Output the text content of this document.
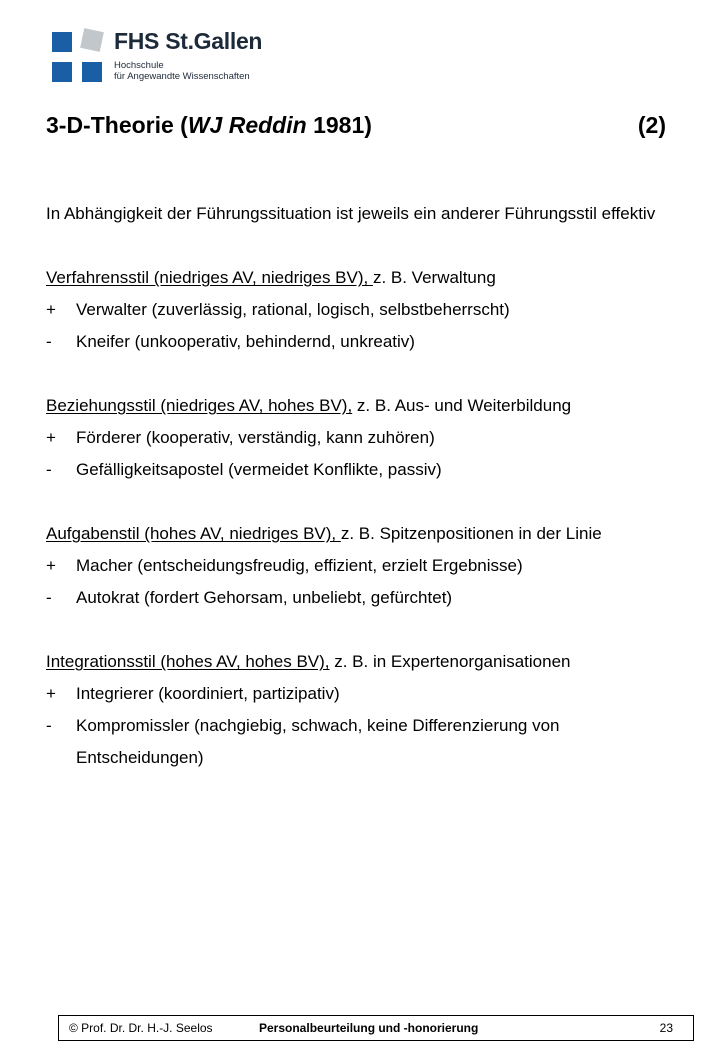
FHS St.Gallen
Hochschule
für Angewandte Wissenschaften
3-D-Theorie (WJ Reddin 1981)	(2)

In Abhängigkeit der Führungssituation ist jeweils ein anderer Führungsstil effektiv

Verfahrensstil (niedriges AV, niedriges BV), z. B. Verwaltung

+	Verwalter (zuverlässig, rational, logisch, selbstbeherrscht)
-	Kneifer (unkooperativ, behindernd, unkreativ)

Beziehungsstil (niedriges AV, hohes BV), z. B. Aus- und Weiterbildung

+	Förderer (kooperativ, verständig, kann zuhören)
-	Gefälligkeitsapostel (vermeidet Konflikte, passiv)

Aufgabenstil (hohes AV, niedriges BV), z. B. Spitzenpositionen in der Linie

+	Macher (entscheidungsfreudig, effizient, erzielt Ergebnisse)
-	Autokrat (fordert Gehorsam, unbeliebt, gefürchtet)

Integrationsstil (hohes AV, hohes BV), z. B. in Expertenorganisationen

+	Integrierer (koordiniert, partizipativ)
-	Kompromissler (nachgiebig, schwach, keine Differenzierung von Entscheidungen)
© Prof. Dr. Dr. H.-J. Seelos	Personalbeurteilung und -honorierung	23
